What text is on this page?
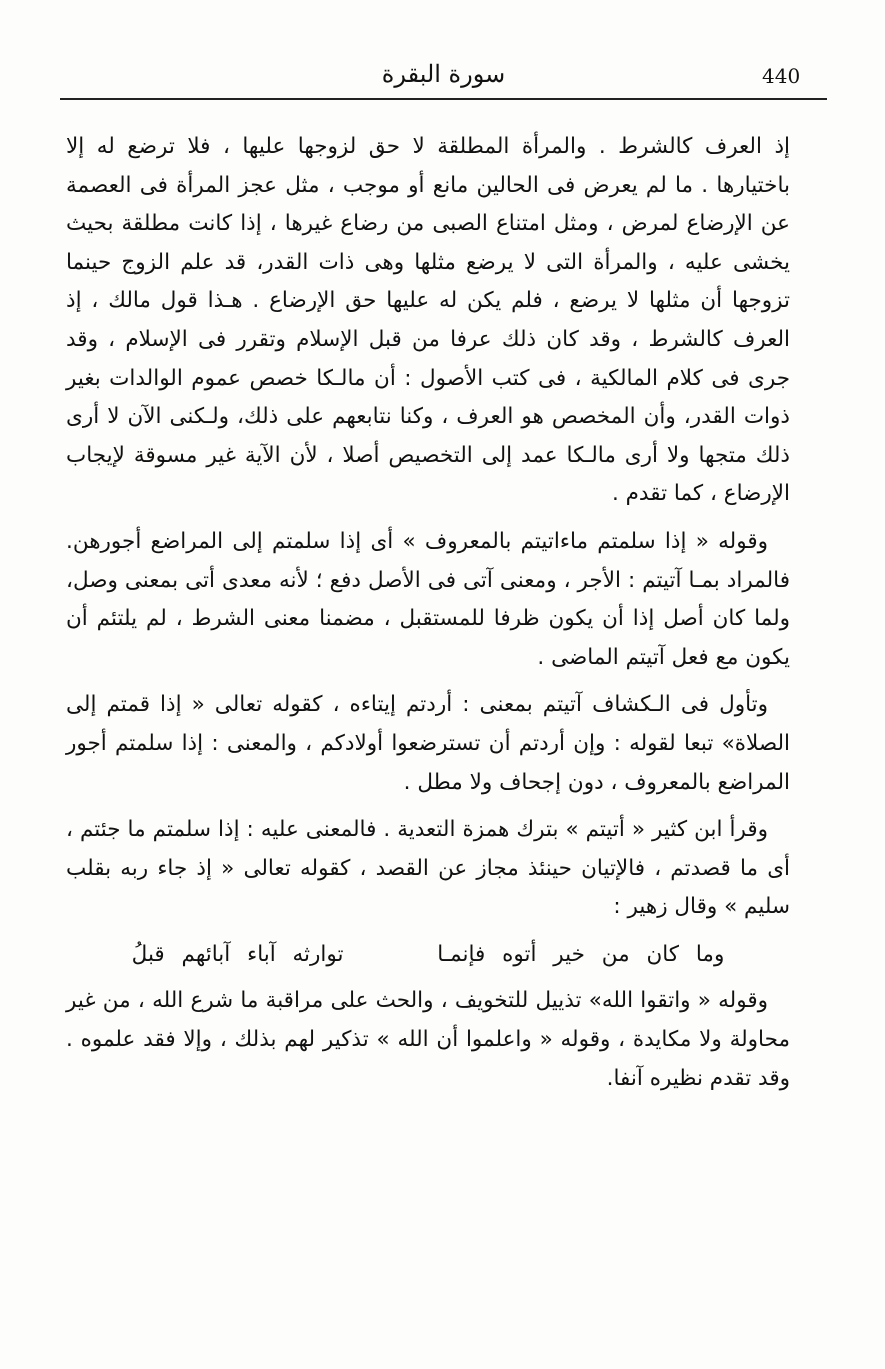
440
سورة البقرة

إذ العرف كالشرط . والمرأة المطلقة لا حق لزوجها عليها ، فلا ترضع له إلا باختيارها . ما لم يعرض فى الحالين مانع أو موجب ، مثل عجز المرأة فى العصمة عن الإرضاع لمرض ، ومثل امتناع الصبى من رضاع غيرها ، إذا كانت مطلقة بحيث يخشى عليه ، والمرأة التى لا يرضع مثلها وهى ذات القدر، قد علم الزوج حينما تزوجها أن مثلها لا يرضع ، فلم يكن له عليها حق الإرضاع . هـذا قول مالك ، إذ العرف كالشرط ، وقد كان ذلك عرفا من قبل الإسلام وتقرر فى الإسلام ، وقد جرى فى كلام المالكية ، فى كتب الأصول : أن مالـكا خصص عموم الوالدات بغير ذوات القدر، وأن المخصص هو العرف ، وكنا نتابعهم على ذلك، ولـكنى الآن لا أرى ذلك متجها ولا أرى مالـكا عمد إلى التخصيص أصلا ، لأن الآية غير مسوقة لإيجاب الإرضاع ، كما تقدم .

وقوله « إذا سلمتم ماءاتيتم بالمعروف » أى إذا سلمتم إلى المراضع أجورهن. فالمراد بمـا آتيتم : الأجر ، ومعنى آتى فى الأصل دفع ؛ لأنه معدى أتى بمعنى وصل، ولما كان أصل إذا أن يكون ظرفا للمستقبل ، مضمنا معنى الشرط ، لم يلتئم أن يكون مع فعل آتيتم الماضى .

وتأول فى الـكشاف آتيتم بمعنى : أردتم إيتاءه ، كقوله تعالى « إذا قمتم إلى الصلاة» تبعا لقوله : وإن أردتم أن تسترضعوا أولادكم ، والمعنى : إذا سلمتم أجور المراضع بالمعروف ، دون إجحاف ولا مطل .

وقرأ ابن كثير « أتيتم » بترك همزة التعدية . فالمعنى عليه : إذا سلمتم ما جئتم ، أى ما قصدتم ، فالإتيان حينئذ مجاز عن القصد ، كقوله تعالى « إذ جاء ربه بقلب سليم » وقال زهير :

وما كان من خير أتوه فإنمـا  توارثه آباء آبائهم قبلُ

وقوله « واتقوا الله» تذييل للتخويف ، والحث على مراقبة ما شرع الله ، من غير محاولة ولا مكايدة ، وقوله « واعلموا أن الله » تذكير لهم بذلك ، وإلا فقد علموه . وقد تقدم نظيره آنفا.
